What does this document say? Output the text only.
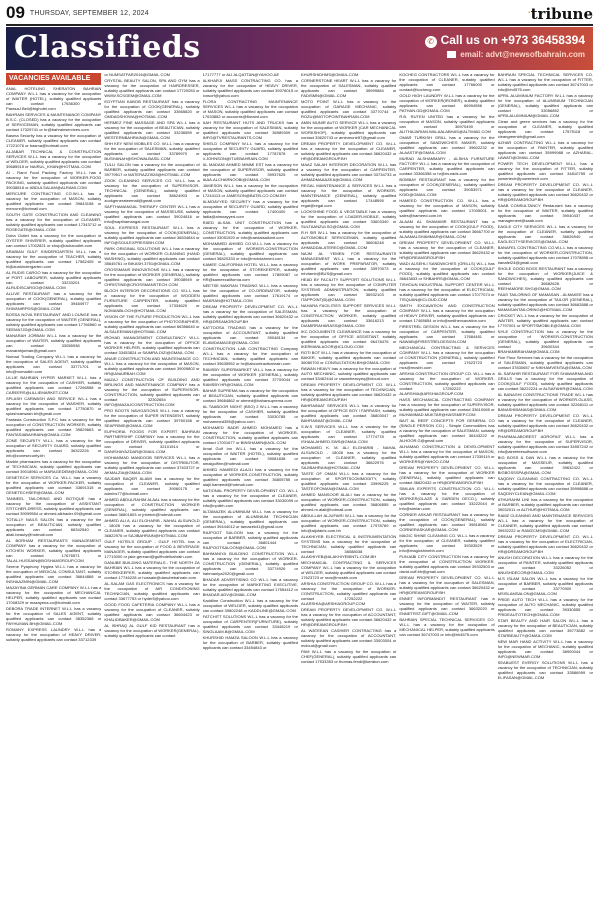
09 THURSDAY, SEPTEMBER 12, 2024	.tribune
Classifieds	✆ Call us on +973 36458394
email: advt@newsofbahrain.com
VACANCIES AVAILABLE

ANAL HOTELING SHERATON BAHRAIN COMPANY W.L.L has a vacancy for the occupation of WAITER (HOTEL), suitably qualified applicants can contact 17536300 or ParasaJ.Bell@bighotel.com

BAHRAIN SERVICES & MAINTENANCE COMPANY B.S.C. (CLOSED) has a vacancy for the occupation of SERVICEMAN, suitably qualified applicants can contact 17329741 or hr@bahrainservices.com

Basma Security has a vacancy for the occupation of CLEANER, suitably qualified applicants can contact 17221076 or basma@hotmail.com

ALJABAR TECHNICAL & CONSTRUCTION SERVICES W.L.L has a vacancy for the occupation of WELDER, suitably qualified applicants can contact 39685915 or NAIRUL_KHAN@HOTMAIL.COM

Al - Rami Food Packing Factory W.L.L has a vacancy for the occupation of WORKER-FOOD PACKING, suitably qualified applicants can contact 39038818 or ABDULSALAM@ALRAMI.COM

MERCURE CONTRACTING CO.W.L.L has a vacancy for the occupation of MASON, suitably qualified applicants can contact 39843158 or mercure@hotmail.com

SOUTH GATE CONSTRUCTION AND CLEANING has a vacancy for the occupation of CLEANER, suitably qualified applicants can contact 17343712 or ROSEGATE@GMAIL.COM

Doha Outlet has a vacancy for the occupation of OYSTER SHIVERER, suitably qualified applicants can contact 17002821 or shop@dohaoutlet.com

ARABIAN GULF KINDERGARTEN W.L.L has a vacancy for the occupation of TEACHER, suitably qualified applicants can contact 17582405 or hi@aunkindergarten.com

AL RUDIS CARGO has a vacancy for the occupation of PORT LABOURER, suitably qualified applicants can contact 33233201 or ALRUDISCARGO@GMAIL.COM

ALLIVE RESTAURANT has a vacancy for the occupation of COOK(GENERAL), suitably qualified applicants can contact 39484977 or SHIVANIRPDS@GMAIL.COM

BOSSA NOVA RESTAURANT AND LOUNGE has a vacancy for the occupation of WAITER (GENERAL), suitably qualified applicants can contact 17766560 or SEEMA7JD@GMAIL.COM

MANARAH JORBAN W.L.L has a vacancy for the occupation of WAITER, suitably qualified applicants can contact 33055938 or manarahjorban@gmail.com

Nomad Trading Company W.L.L has a vacancy for the occupation of SALES AGENT, suitably qualified applicants can contact 33771701 or info@nomadbh.com

LILLIE BAHRAIN HYPER MARKET W.L.L has a vacancy for the occupation of CASHIER, suitably qualified applicants can contact 17266558 or CAREERS@LILLIEMARKET.COM

SPLASH CARWASH AND SERVICE W.L.L has a vacancy for the occupation of WASHER, suitably qualified applicants can contact 17750870 or splashcarwash.bh@gmail.com

Fantasia Construction S.P.C has a vacancy for the occupation of CONSTRUCTION WORKER, suitably qualified applicants can contact 39829663 or FANTASIABAHRAIN@GMAIL.COM

ZONE SECURITY W.L.L has a vacancy for the occupation of SECURITY GUARD, suitably qualified applicants can contact 36322226 or info@zonesecurity.bh

Marble pharmacies has a vacancy for the occupation of TECHNICIAN, suitably qualified applicants can contact 39018961 or MARAGEDEM@GMAIL.COM

GENETECH SERVICES Co. W.L.L has a vacancy for the occupation of WORKER-PACKER, suitably qualified applicants can contact 33691315 or GENETECHSER@GMAIL.COM

TANNEEL TAILORING AND BOTIQUE has a vacancy for the occupation of ASSISTANT STITCHER-DRESS, suitably qualified applicants can contact 39099554 or ahmed.alkhader.09@gmail.com

TOTALLY NAILS SALON has a vacancy for the occupation of BEAUTICIAN, suitably qualified applicants can contact 66342540 or aliali.beauty@hotmail.com

AL BORHAM RESTAURANTS MANAGEMENT COMPANY has a vacancy for the occupation of KITCHEN WORKER, suitably qualified applicants can contact 17676571 or TALAL.HUSSAIN@BOSHAMGROUP.COM

Serene Pyaphony Hygiea W.L.L has a vacancy for the occupation of MEDICAL CONSULTANT, suitably qualified applicants can contact 36644868 or INSHAAZMIN@GMAIL.COM

MAZAYINA GERMAN CARE COMPANY W.L.L has a vacancy for the occupation of MECHANICAL HELPER, suitably qualified applicants can contact 17008329 or mazayena.co@hotmail.com

DEBORA TRADE INTERNET W.L.L has a vacancy for the occupation of SALES AGENT, suitably qualified applicants can contact 38352368 or PAYHUMAN.BH@GMAIL.COM

ROMANY EXPRESS LAUNDRY W.L.L has a vacancy for the occupation of HEAVY DRIVER, suitably qualified applicants can contact 33712339

or NUMSATFAR2016@GMAIL.COM

CRYSTAL BEAUTY SALON, SPA AND GYM has a vacancy for the occupation of HAIRDRESSER, suitably qualified applicants can contact 17720053 or WWW.SCSGEM@GMAIL.COM

EGYPTIAN KABOB RESTAURANT has a vacancy for the occupation of COOK(GENERAL), suitably qualified applicants can contact 33565820 or OMDADSHOWA@HOTMAIL.COM

HERMEZ FINE MASSAGE AND SPA W.L.L has a vacancy for the occupation of BEAUTICIAN, suitably qualified applicants can contact 33236559 or WESTERNBAHRAIN@GMAIL.COM

SHH KEY NEW MOBILES CO. W.L.L has a vacancy for the occupation of SALESMAN, suitably qualified applicants can contact 33789970 or BUSHANAH@SHOWALBASIL.COM

TULLI SALON has a vacancy for the occupation of BARBER, suitably qualified applicants can contact 39779517 or MATERAZZI928@HOTMAIL.COM

ZOOK CLEANING SERVICES CO. W.L.L has a vacancy for the occupation of SUPERVISOR-TECHNICAL (GENERAL), suitably qualified applicants can contact 38624903 or zookgenerateemail@gmail.com

SAPTHAMANGAL THERAPY CENTER W.L.L has a vacancy for the occupation of MASSEUSE, suitably qualified applicants can contact 39024816 or info@sapthamangal.com

SOUL EXPRESS RESTAURANT W.L.L has a vacancy for the occupation of COOK(GENERAL), suitably qualified applicants can contact 36834844 or INFO@SOULEXPRESSBH.COM

PARK ORIGINAL SOLUTIONS W.L.L has a vacancy for the occupation of WORKER CLEANING (HAND WASHING), suitably qualified applicants can contact 35645761 or BIKASH.3751@GMAIL.COM

CROSSMANS INNOVATIONS W.L.L has a vacancy for the occupation of WORKER (GENERAL), suitably qualified applicants can contact 39038949 or CHRISTINE@CROSSMANSTECH.COM

BLOCH INTERIOR DECORATIONS CO. W.L.L has a vacancy for the occupation of WOODEN FURNITURE CARPENTER, suitably qualified applicants can contact 17334620 or NOMANBLOCH@HOTMAIL.COM

VISION OF THE FUTURE PRODUCTION W.L.L has a vacancy for the occupation of PHOTOGRAPHER, suitably qualified applicants can contact 66356640 or ALSALEEMAN4@HOTMAIL.COM

IROHAD MANAGEMENT CONSULTANCY W.L.L has a vacancy for the occupation of OFFICE WORKER HELPER, suitably qualified applicants can contact 33453824 or SAIMRA.DIZI@GMAIL.COM

ANAIR CONSTRUCTION AND MAINTENANCE CO. W.L.L has a vacancy for the occupation of MASON, suitably qualified applicants can contact 39009802 or HR@ANAIRBAH.COM

MAZAJ CONSTRUCTION OF BUILDING AND BIRLINGS AND MAINTENANCE COMPANY has a vacancy for the occupation of SUPERVISOR-CONSTRUCTION, suitably qualified applicants can contact 32302654 or INFO@MAZAJCONSTRUCTION.COM

PRO BOOTS NAVIGATIONS W.L.L has a vacancy for the occupation of SUPER INTENDENT, suitably qualified applicants can contact 39760158 or SEAPRIME@GMAIL.COM

EUPHORIA FOODS FOR EXPERT BAHRAIN PARTNERSHIP COMPANY has a vacancy for the occupation of DRIVER, suitably qualified applicants can contact 32101514 or DANISHAYAZDAR@GMAIL.COM

MOHAMMAD MANDOOB SERVICES W.L.L has a vacancy for the occupation of DISTRIBUTOR, suitably qualified applicants can contact 37403727 or AKMALZIA@GMAIL.COM

SAJDAR BAQER ALAWI has a vacancy for the occupation of CLEANER, suitably qualified applicants can contact 39060175 or admins77@hotmail.com

AHMED ABDULRAHIM ALAAL has a vacancy for the occupation of CONSTRUCTION WORKER (GENERAL), suitably qualified applicants can contact 36801803 or jnbetch@hotmail.com

AHMED ALI A. ALI ELGHARIB - NAHAL ALSUNOLD - 18026 has a vacancy for the occupation of CLEANER, suitably qualified applicants can contact 36822976 or SAJIBAHRAIN@HOTMAIL.COM

GULF HOTELS GROUP - GULF HOTEL has a vacancy for the occupation of FOOD & BEVERAGE MANAGER, suitably qualified applicants can contact 17713000 or jake.gereard@gulfhotelbahrain.com

DANUBE BUILDING MATERIALS - THE NORTH ZA BAHRAIN W.L.L has a vacancy for the occupation of STOREKEEPER, suitably qualified applicants can contact 17746228 or hussain@danubebahrain.com

AL-SALAM GAS ELECTRONICS has a vacancy for the occupation of AIR CONDITIONING TECHNICIAN, suitably qualified applicants can contact 33677753 or hyder5@yahoo.com

GOOD FOOD CAFETERIA COMPANY W.L.L has a vacancy for the occupation of CLEANER, suitably qualified applicants can contact 36604423 or KHALIDBAKER@GMAIL.COM

AL ISHRAQ AL GULF KID RESTAURANT has a vacancy for the occupation of WORKER(GENERAL), suitably qualified applicants can contact

17177777 or ALI.ALQATTAN@YAHOO.AE

ALKHARJI MASS CONTRACTING CO. has a vacancy for the occupation of HEAVY DRIVER, suitably qualified applicants can contact 39378015 or lonsorf@yahoo.com

FLORA CONTRACTING MAINTENANCE SERVICES W.L.L has a vacancy for the occupation of MASON, suitably qualified applicants can contact 17633882 or accounts@floraint.com

AAH RESTAURANT HUTS AND TRUCKS has a vacancy for the occupation of SALESMAN, suitably qualified applicants can contact 36989309 or INFO@TVRESTAURANTS.COM

SHIELD COMPANY W.L.L has a vacancy for the occupation of SECURITY GUARD, suitably qualified applicants can contact 17787878 or V.JOHNSON@ITUEBAHRAIN.COM

AL MADANI AHMED MIMMI EST has a vacancy for the occupation of SUPERVISOR, suitably qualified applicants can contact 39937625 or IAAA.ALCHARNOOBI@GMAIL.COM

JAMESON W.L.L has a vacancy for the occupation of MASON, suitably qualified applicants can contact 17244113 or JAMESON@BATELCO.COM.BH

ALMOAYYED SECURITY has a vacancy for the occupation of SECURITY GUARD, suitably qualified applicants can contact 17400400 or fadia@almoayyed.com

RAED ALSAIL UNIT CONSTRUCTION has a vacancy for the occupation of WORKER-CONSTRUCTION, suitably qualified applicants can contact 33051920 or info@raedalsailunit.com

MOHAMMED AHMED CO.W.L.L has a vacancy for the occupation of WORKER-CONSTRUCTION (GENERAL), suitably qualified applicants can contact 36820333 or info@mohdahmed.com

KAMEE CALIFORNIA HOTEL W.L.L has a vacancy for the occupation of STOREKEEPER, suitably qualified applicants can contact 17809087 or HR@kameecalifornia.com

NEETSE MAKRAN TRADING W.L.L has a vacancy for the occupation of CO-ORDINATOR, suitably qualified applicants can contact 17619174 or MAKRAN@HOTMAIL.COM

DREAM PROPERTY DEVELOPMENT CO. W.L.L has a vacancy for the occupation of SALESMAN, suitably qualified applicants can contact 36620432 or HR@DREAMGROUP.BH

KATTOOSA TRADING has a vacancy for the occupation of ACCOUNTANT, suitably qualified applicants can contact 39048134 or ELAWDAMAGE@GMAIL.COM

CONSTRUCTION LAB CONTRACTING Company W.L.L has a vacancy for the occupation of TECHNICIAN, suitably qualified applicants can contact 39635952 or hr@labcontractbahrain.com

RAMSBY SUPERMARKET W.L.L has a vacancy for the occupation of WORKER (GENERAL), suitably qualified applicants can contact 37709044 or RAMSBY.HR@GMAIL.COM

BAHAR SUPREMA has a vacancy for the occupation of BEAUTICIAN, suitably qualified applicants can contact 39684862 or ahmed@baharsuprema.com

AL TAABOOR NIGHT (BSG) 2 W.L.L has a vacancy for the occupation of CASHIER, suitably qualified applicants can contact 33030785 or mohammed355@yahoo.com

MOHAMED BADR AHMED MOHAMED has a vacancy for the occupation of WORKER-CONSTRUCTION, suitably qualified applicants can contact 17001677 or BINSHAMIN@AOL.COM

Amal Gulf Inn W.L.L has a vacancy for the occupation of WAITER (HOTEL), suitably qualified applicants can contact 39081838 or amalgulfinn@hotmail.com

AHMED HAMEEDI ALAJLI has a vacancy for the occupation of WORKER-CONSTRUCTION, suitably qualified applicants can contact 36805755 or alajli.hameedi@hotmail.com

NATIONAL PROPERTY DEVELOPMENT CO. W.L.L has a vacancy for the occupation of CLEANER, suitably qualified applicants can contact 33030099 or info@npdbh.com

ALTAMAZEK ALUMINIUM W.L.L has a vacancy for the occupation of ALUMINIUM TECHNICIAN (GENERAL), suitably qualified applicants can contact 39444012 or tamazek41@gmail.com

RAJPOOT SALOON has a vacancy for the occupation of BARBER, suitably qualified applicants can contact 36801444 or RAJPOOTSALOON@GMAIL.COM

BAHMANIYA BUILDING CONSTRUCTION W.L.L has a vacancy for the occupation of WORKER-CONSTRUCTION (GENERAL), suitably qualified applicants can contact 33774926 or bahmaniya2020@gmail.com

BHADAR ADVERTISING CO W.L.L has a vacancy for the occupation of MARKETING EXECUTIVE, suitably qualified applicants can contact 17554412 or BHADAR.ADV@GMAIL.COM

Kaddline Construction W.L.L has a vacancy for the occupation of WELDER, suitably qualified applicants can contact 39802248 or KADDLINE@GMAIL.COM

FATCHITT SOLUTIONS W.L.L has a vacancy for the occupation of CARPENTER(FURNITURE), suitably qualified applicants can contact 33448219 or SINGLAAM.B@GMAIL.COM

KHURSHID HAMZA SALOON W.L.L has a vacancy for the occupation of BARBER, suitably qualified applicants can contact 33454843 or

KHURSHIDHMS@GMAIL.COM

CORNERSTONE HEART W.L.L has a vacancy for the occupation of SALESMAN, suitably qualified applicants can contact 35999684 or FADISMN@GMAIL.COM

MOTO POINT W.L.L has a vacancy for the occupation of GARAGE MECHANIC, suitably qualified applicants can contact 33770744 or ROZU@MOTOPOINTBAHRAIN.COM

AMIN MUNIR AUTO SERVICE W.L.L has a vacancy for the occupation of WORKER (CAR MECHANICAL WORKSHOP), suitably qualified applicants can contact 33620743 or aminmunir57@gmail.com

DREAM PROPERTY DEVELOPMENT CO. W.L.L has a vacancy for the occupation of CLEANER, suitably qualified applicants can contact 36620432 or HR@DREAMGROUP.BH

MAAZ SALAH INTERIOR DECORATION W.L.L has a vacancy for the occupation of CARPENTER, suitably qualified applicants can contact 33734733 or AHMADMAAAZ8.6@GMAIL.COM

REGAL MAINTENANCE & SERVICES W.L.L has a vacancy for the occupation of WORKER-MAINTENANCE (GENERAL), suitably qualified applicants can contact 17448595 or regal@regal.com

LOOKSHINE FOOD & VEGETABLE has a vacancy for the occupation of LOADER-MOBILE, suitably qualified applicants can contact 33603340 or SULTAANZULSG@GMAIL.COM

R.H SIR W.L.L has a vacancy for the occupation of AUTOMOBILE SERVICEMAN, suitably qualified applicants can contact 36606248 or AHMADDALATEREO@GMAIL.COM

NAJM AL YEMEN FOR RESTAURANTS MANAGEMENT W.L.L has a vacancy for the occupation of WORK PREPARATOR, suitably qualified applicants can contact 33970073 or mhrlamb@BUS@gmail.com

HEAD BY FACILITY SUPPORT SOLUTIONS W.L.L has a vacancy for the occupation of COMPUTER SYSTEMS ADMINISTRATION, suitably qualified applicants can contact 36932103 or ITAPPOINT(B)@GMAIL.COM

NAHARA FACILITIES SUPPORT SERVICES W.L.L has a vacancy for the occupation of CONSTRUCTION WORKER, suitably qualified applicants can contact 33616213 or DIAMIRRAHARASS@GMAIL.COM

IKC DOCUMENTS CLEARANCE has a vacancy for the occupation of OFFICE ASSISTANT, suitably qualified applicants can contact 66478476 or IKERMANLAGOR@ICLOUD.COM

ROTI BOT W.L.L has a vacancy for the occupation of BAKER, suitably qualified applicants can contact 36080700 or CONSULTATION.BH@GMAIL.COM

RAWAN HEAVY has a vacancy for the occupation of AUTO MECHANIC, suitably qualified applicants can contact 33462444 or rawanheavyeq@icloud.com

DREAM PROPERTY DEVELOPMENT CO. W.L.L has a vacancy for the occupation of TECHNICIAN, suitably qualified applicants can contact 36620432 or HR@DREAMGROUP.BH

BAHRAINIAT SERVICES W.L.L has a vacancy for the occupation of OFFICE BOY / FARRASH, suitably qualified applicants can contact 36803047 or BAHRAINIAT@GMAIL.COM

S.W.S SERVICES W.L.L has a vacancy for the occupation of CLEANER, suitably qualified applicants can contact 17774778 or ISHAALAHMED.SWS@GMAIL.COM

MOHAMED K. M. ALI ELGHARIB - NAHAL ALSUNOLD - 18026 has a vacancy for the occupation of CLEANER, suitably qualified applicants can contact 36822976 or SAJIBAHRAIN@HOTMAIL.COM

TASTE OF OMAN W.L.L has a vacancy for the occupation of SPORTSCOMMODITY, suitably qualified applicants can contact 33996225 or TASTEOFOMAN@GMAIL.COM

AHMED MANSOOR ALALI has a vacancy for the occupation of WORKER-CONSTRUCTION, suitably qualified applicants can contact 36806555 or ahmed.m.alali@hotmail.com

ABDULLAH ALJUFAIRI W.L.L has a vacancy for the occupation of WORKER-CONSTRUCTION, suitably qualified applicants can contact 17978789 or info@aljufairis.com.bh

ALAKHIYEB ELECTRICAL & INSTRUMENTATION SYSTEMS has a vacancy for the occupation of TECHNICIAN, suitably qualified applicants can contact 38088038 or ALAKHIYEB@ALAKHIYEBINTL.COM.BH

MECHANICAL CONTRACTING & SERVICES COMPANY W.L.L has a vacancy for the occupation of WELDER, suitably qualified applicants can contact 17623723 or mcs@mcsbh.com

ARSHIA CONSTRUCTION GROUP CO. W.L.L has a vacancy for the occupation of WORKER-CONSTRUCTION, suitably qualified applicants can contact 17252222 or ALARSHIA@ARSHIAGROUP.COM

DREAM PROPERTY DEVELOPMENT CO. W.L.L has a vacancy for the occupation of ACCOUNTANT, suitably qualified applicants can contact 36620432 or HR@DREAMGROUP.BH

AL WATEEAN CASHIER CONTRACTING has a vacancy for the occupation of ACCOUNTANT, suitably qualified applicants can contact 33003004 or mcloud@gmail.com

PAM W.L.L has a vacancy for the occupation of CHEF(GENERAL), suitably qualified applicants can contact 17533353 or thomas.fendi@keraton.com

KOCHEG CONTRACTORS W.L.L has a vacancy for the occupation of CLEANER, suitably qualified applicants can contact 17766000 or contact@kochecg.com

GOLD HIGH LAUNDRY W.L.L has a vacancy for the occupation of WORKER(IRONER), suitably qualified applicants can contact 66994556 or PATHAN.GD@GMAIL.COM

R.B. RUTEN UNITED has a vacancy for the occupation of MASON, suitably qualified applicants can contact 36970490 or ALITHAJARIAN.WALAALABHAS@ALTIMAD.COM

OMAR TURKISH GRILL has a vacancy for the occupation of SANDWICHES MAKER, suitably qualified applicants can contact 39602232 or ALAASTIF@GMAIL.COM

MURAD ALSHAMMARY - ALSIHA FURNITURE FACTORY W.L.L has a vacancy for the occupation of CARPENTER, suitably qualified applicants can contact 33366358 or hr@murads.com

BOMBAY RESTAURANT has a vacancy for the occupation of COOK(GENERAL), suitably qualified applicants can contact 39053971 or KGID@GMAIL.COM

HAMEED CONSTRUCTION CO. W.L.L has a vacancy for the occupation of MASON, suitably qualified applicants can contact 17005001 or sales@hameed.com.bh

ALAAM AL SHAMAMR RESTAURANT has a vacancy for the occupation of COOK(GULF FOOD), suitably qualified applicants can contact 36667700 or ALAAMALSHAMMAR@GMAIL.COM

DREAM PROPERTY DEVELOPMENT CO. W.L.L has a vacancy for the occupation of CLEANER, suitably qualified applicants can contact 36620432 or HR@DREAMGROUP.BH

WADI ALSEHLI SANDWICHES (GRILLS) W.L.L has a vacancy for the occupation of COOK(GULF FOOD), suitably qualified applicants can contact 36643833 or SHBAHRS@GMAIL.COM

TISHOUN INDUSTRIAL SUPPORT CENTER W.L.L has a vacancy for the occupation of ELECTRICIAN, suitably qualified applicants can contact 17077074 or TISQUAN@ICLOUD.COM

SMITH EXCAVATION AND CONSTRUCTION COMPANY W.L.L has a vacancy for the occupation of HEAVY DRIVER, suitably qualified applicants can contact 17465654 or info@smithexcavation.com

FIRESTREL DESIGN W.L.L has a vacancy for the occupation of CARPENTER, suitably qualified applicants can contact 17684481 or NAWAB@FIRESTRELDESIGN.COM

MECHANICAL CONTRACTING & SERVICES COMPANY W.L.L has a vacancy for the occupation of CONSTRUCTION (GENERAL), suitably qualified applicants can contact 17623723 or mcs@mcsbh.com

ARSHIA CONSTRUCTION GROUP CO. W.L.L has a vacancy for the occupation of WORKER-CONSTRUCTION, suitably qualified applicants can contact 17252222 or ALARSHIA@ARSHIAGROUP.COM

HASS MECHANICAL CONTRACTING COMPANY has a vacancy for the occupation of SUPERVISOR, suitably qualified applicants can contact 33610065 or MUHAMMAD.MUKTAR@HASSMEP.COM

BAIT AL REEF CONCEPTS FOR GENERAL CO (SINGLE PERSON CO.) - Simple Commodities has a vacancy for the occupation of SALESMAN, suitably qualified applicants can contact 36443222 or ALHOOR.G@gmail.com

ALHAMAD CONSTRUCTION & DEVELOPMENT W.L.L has a vacancy for the occupation of MASON, suitably qualified applicants can contact 17339119 or WORKERS@YAHOO.COM

DREAM PROPERTY DEVELOPMENT CO. W.L.L has a vacancy for the occupation of WORKER (GENERAL), suitably qualified applicants can contact 36620432 or HR@DREAMGROUP.BH

SIMLAN EXPERTS CONSTRUCTION CO. W.L.L has a vacancy for the occupation of WORKER(GLAZE & GARDEN DECO.), suitably qualified applicants can contact 33222044 or info@simlan.com

CORNER ASKAR RESTAURANT has a vacancy for the occupation of COOK(GENERAL), suitably qualified applicants can contact 39818060 or CORNERASKAR@GMAIL.COM

MAGIC SHINE CLEANING CO. W.L.L has a vacancy for the occupation of CLEANER, suitably qualified applicants can contact 39303529 or info@magicshinebh.com

PUNJABI CITY CONSTRUCTION has a vacancy for the occupation of CONSTRUCTION WORKER, suitably qualified applicants can contact 39332503 or david.cuff.bh@gmail.com

DREAM PROPERTY DEVELOPMENT CO. W.L.L has a vacancy for the occupation of SALESMAN, suitably qualified applicants can contact 36620432 or HR@DREAMGROUP.BH

ENNET INFORMANDIT RESTAURANT has a vacancy for the occupation of WAITER, suitably qualified applicants can contact 36632020 or ENNETRST.GIFT@GMAIL.COM

BAHRAIN SPECIAL TECHNICAL SERVICES CO. W.L.L has a vacancy for the occupation of MECHANICAL HELPER, suitably qualified applicants can contact 36747003 or info@bh4575.com

BAHRAIN SPECIAL TECHNICAL SERVICES CO. W.L.L has a vacancy for the occupation of FITTER, suitably qualified applicants can contact 36747003 or info@bh4575.com

APRIL ALUMINIUM FACTORY W.L.L has a vacancy for the occupation of ALUMINIUM TECHNICIAN (GENERAL), suitably qualified applicants can contact 33056852 or APRILALUMINIUM@GMAIL.COM

Clean and green services has a vacancy for the occupation of CLEANER, suitably qualified applicants can contact 17575118 or cleangreenbh@gmail.com

AZHAR CONTRACTING W.L.L has a vacancy for the occupation of PAINTER, suitably qualified applicants can contact 35999988 or AZHARAL-LAWATI@GMAIL.COM

POWER TECH DEVELOPMENT W.L.L has a vacancy for the occupation of FITTER, suitably qualified applicants can contact 34810755 or powertech@powertech.com

DREAM PROPERTY DEVELOPMENT CO. W.L.L has a vacancy for the occupation of CLEANER, suitably qualified applicants can contact 36620432 or HR@DREAMGROUP.BH

SAAB CONSULTANCY Restaurant has a vacancy for the occupation of WAITER, suitably qualified applicants can contact 39040437 or management@saab.com

EAGLE CITY SERVICES W.L.L has a vacancy for the occupation of CLEANER, suitably qualified applicants can contact 36626940 or EAGLECITYSERVICES@GMAIL.COM

BANAFEL CONTRACTING CO.W.L.L has a vacancy for the occupation of WORKER-CONSTRUCTION, suitably qualified applicants can contact 17078898 or banafel24@gmail.com

SHOLE GOOD BOSS RESTAURANT has a vacancy for the occupation of WORKER(JUICE & SANDWICHES), suitably qualified applicants can contact 36682626 or REEHAMORE.SHG@GMAIL.COM

FAAS TAILORING OF MAMASAN - ALMAKEE has a vacancy for the occupation of TAILOR (GENERAL), suitably qualified applicants can contact 36662888 or MAMASANTAILORING@HOTMAIL.COM

CRICKET W.L.L has a vacancy for the occupation of WAITER, suitably qualified applicants can contact 17797001 or SPORTSMOBILE@GMAIL.COM

NYLE CONSTRUCTION has a vacancy for the occupation of WORKER-CONSTRUCTION (GENERAL), suitably qualified applicants can contact 39600344 or BRAHAMBRAHAM@GMAIL.COM

Five Flour Services has a vacancy for the occupation of SALESMAN, suitably qualified applicants can contact 37830657 or NIKHAMVENTA@GMAIL.COM

AL SAFAHIR RESTAURANT FOR SHAWARMA AND GRILLS has a vacancy for the occupation of COOK(GULF FOOD), suitably qualified applicants can contact 36222224 or ALSAFAHIR@GMAIL.COM

AL BANASHI CONSTRUCTIONS TRADE W.L.L has a vacancy for the occupation of WORKER-GLASS, suitably qualified applicants can contact 32268111 or BANASHIBANAS@GMAIL.COM

DREAM PROPERTY DEVELOPMENT CO. W.L.L has a vacancy for the occupation of CLEANER, suitably qualified applicants can contact 36620432 or HR@DREAMGROUP.BH

PHARMALABOREST AGROFAIT W.L.L has a vacancy for the occupation of SUPERVISOR, suitably qualified applicants can contact 34557242 or info@alreeteesoftware.com

BIG BOSS & DAN W.L.L has a vacancy for the occupation of MASSEUR, suitably qualified applicants can contact 39632422 or BIGBOSSSPA@GMAIL.COM

SAQDNY CLEANING CONTRACTING CO. W.L.L has a vacancy for the occupation of CLEANER, suitably qualified applicants can contact 35998888 or SAQDNYCLEAN@GMAIL.COM

ATHURAHM LINI has a vacancy for the occupation of BARBER, suitably qualified applicants can contact 39032011 or ALTHUR@HOTMAIL.COM

RAMZ CLEANING AND MAINTENANCE SERVICES W.L.L has a vacancy for the occupation of CLEANER, suitably qualified applicants can contact 39932222 or RAMZCMS@GMAIL.COM

DREAM PROPERTY DEVELOPMENT CO. W.L.L has a vacancy for the occupation of ELECTRICIAN, suitably qualified applicants can contact 36620432 or HR@DREAMGROUP.BH

ANUSH DECORATION W.L.L has a vacancy for the occupation of PAINTER, suitably qualified applicants can contact 33226052 or ANUSHDECOR@GMAIL.COM

M.S ISLAM SALON W.L.L has a vacancy for the occupation of BARBER, suitably qualified applicants can contact 33770900 or MSISLAMSALON@GMAIL.COM

PRIDE AUTO TECH W.L.L has a vacancy for the occupation of AUTO MECHANIC, suitably qualified applicants can contact 39330555 or PRIDEAUTOTECH@GMAIL.COM

STAR BEAUTY AND HAIR SALON W.L.L has a vacancy for the occupation of BEAUTICIAN, suitably qualified applicants can contact 35773882 or STARBEAUTY@GMAIL.COM

NEW MAR HAND ACTIVITY W.L.L has a vacancy for the occupation of MECHANIC, suitably qualified applicants can contact 38900044 or INFO@NEWMAR.COM

SEABUEST EVERGY SOLUTIONS W.L.L has a vacancy for the occupation of TECHNICIAN, suitably qualified applicants can contact 33586959 or ELIFASAN@GMAIL.COM
